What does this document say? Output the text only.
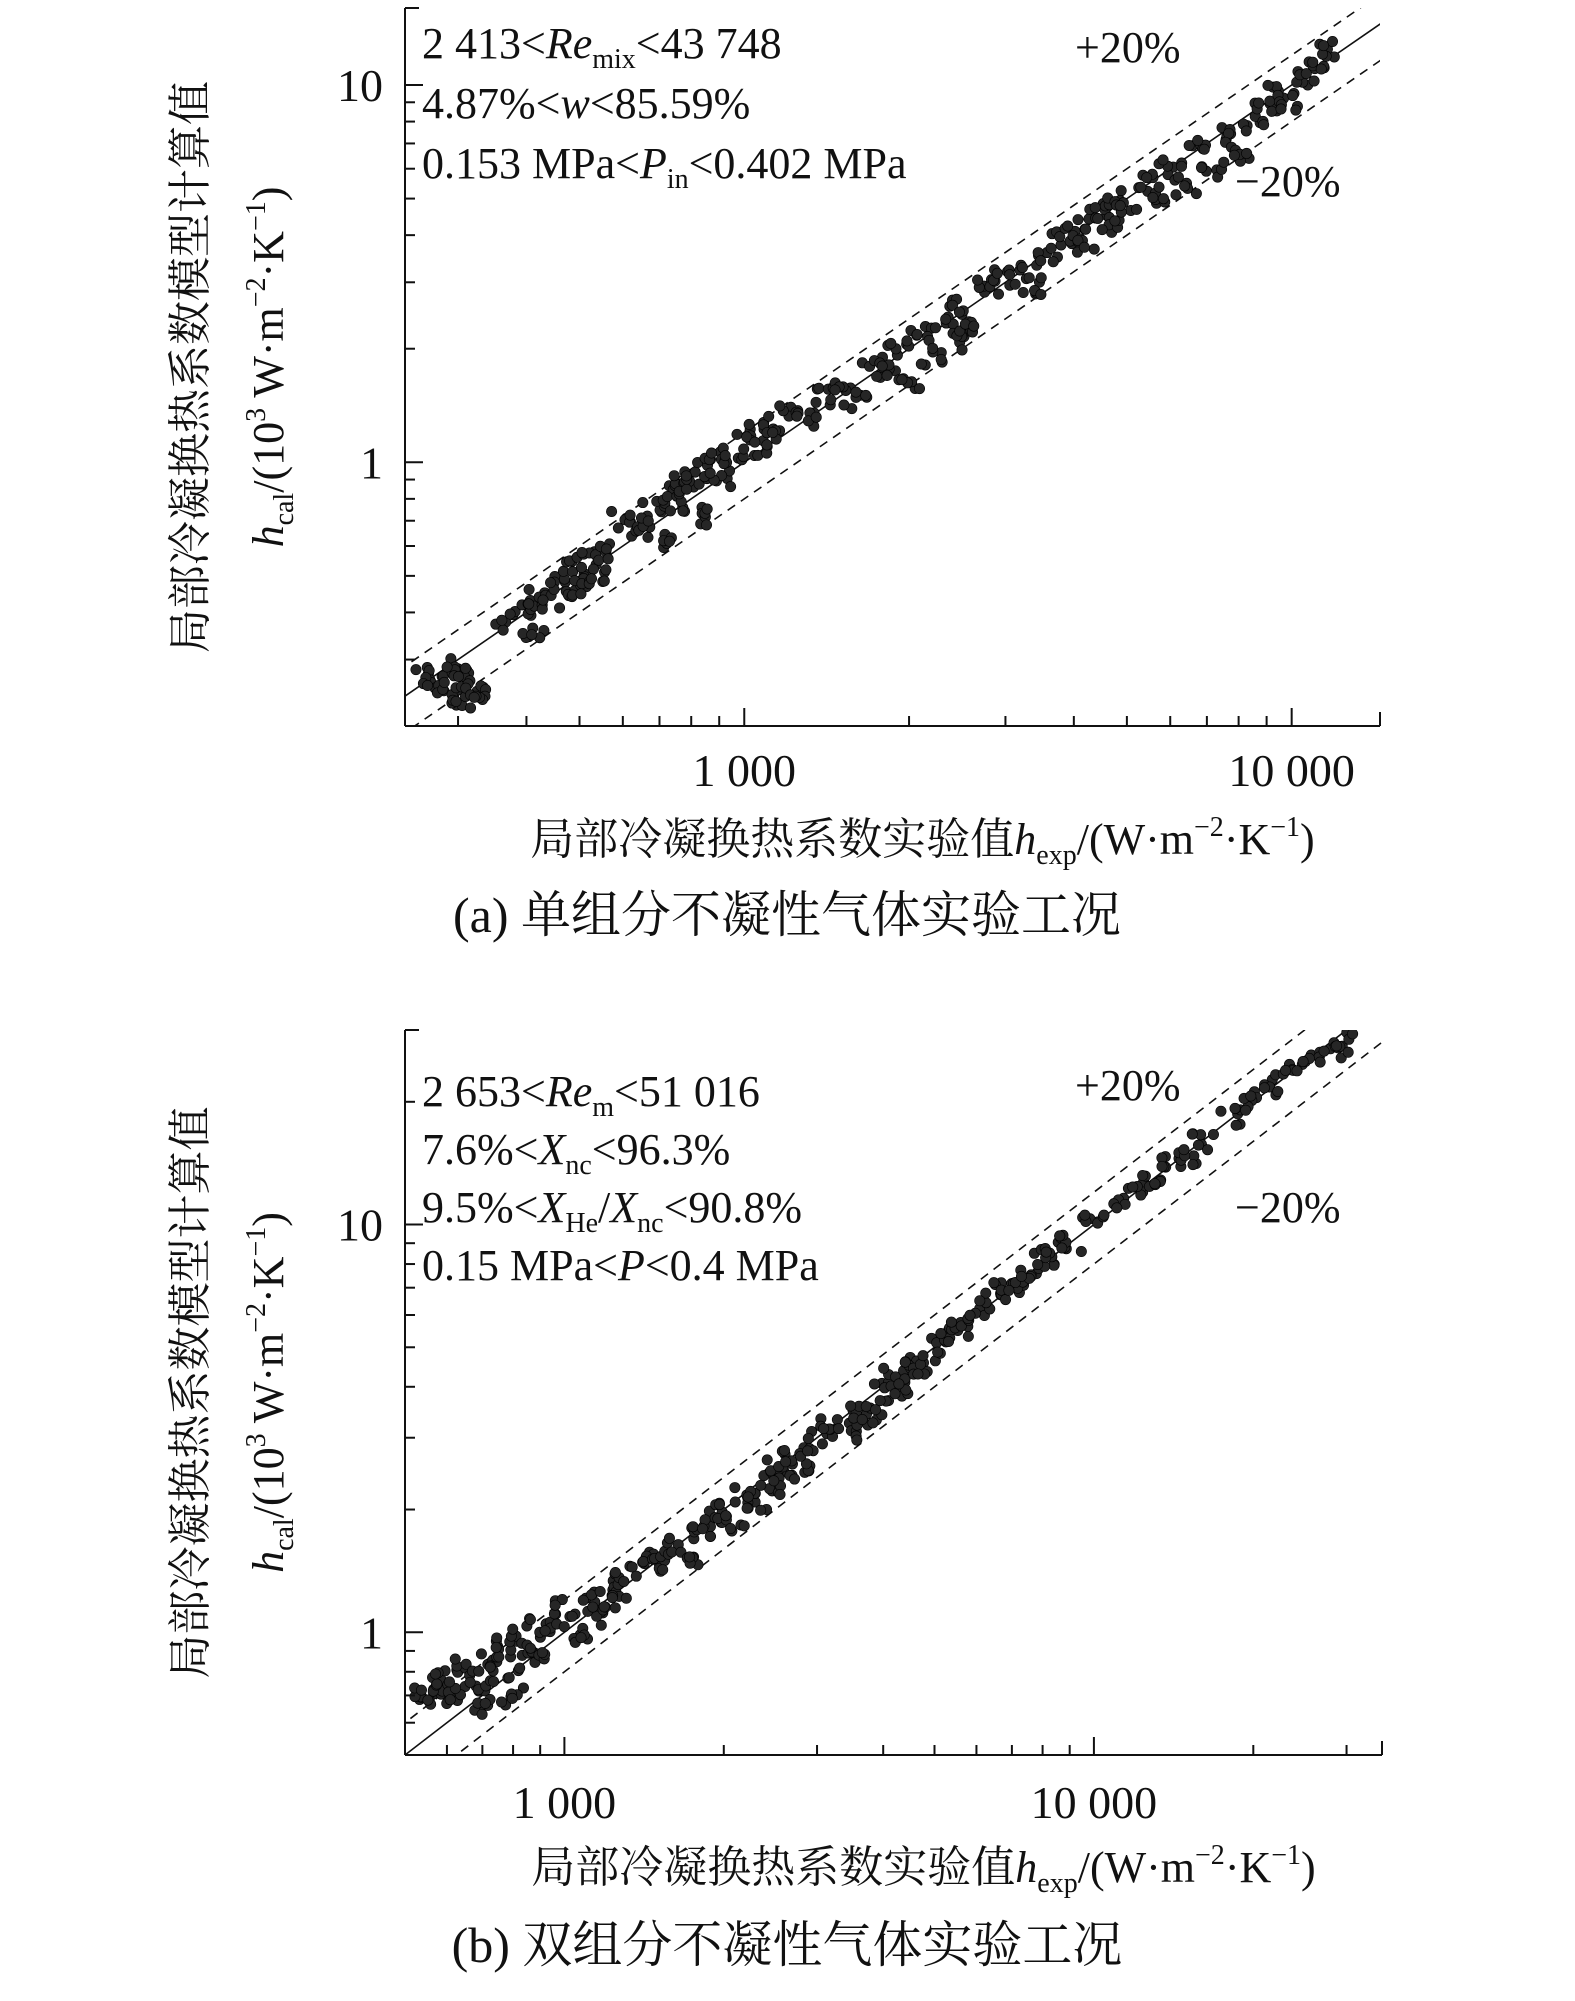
1 000	10 000
1
10
2 $413<Re_{mix}<43$ 748
4.87%<w<85.59%
0.153 $MPa<P_{in}<0.402$ MPa
+20%
−20%
局部冷凝换热系数实验值$h_{exp}/(W\cdot m^{-2}\cdot K^{-1})$
局部冷凝换热系数模型计算值 $h_{cal}/(10^3$ $W\cdot m^{-2}\cdot K^{-1}$)
(a) 单组分不凝性气体实验工况
1 000	10 000
1
10
2 $653<Re_m<51$ 016
$7.6\%<X_{nc}<96.3\%$
$9.5\%<X_{He}/X_{nc}<90.8\%$
0.15 MPa<P<0.4 MPa
+20%
−20%
局部冷凝换热系数实验值$h_{exp}/(W\cdot m^{-2}\cdot K^{-1})$
局部冷凝换热系数模型计算值 $h_{cal}/(10^3$ $W\cdot m^{-2}\cdot K^{-1}$)
(b) 双组分不凝性气体实验工况
